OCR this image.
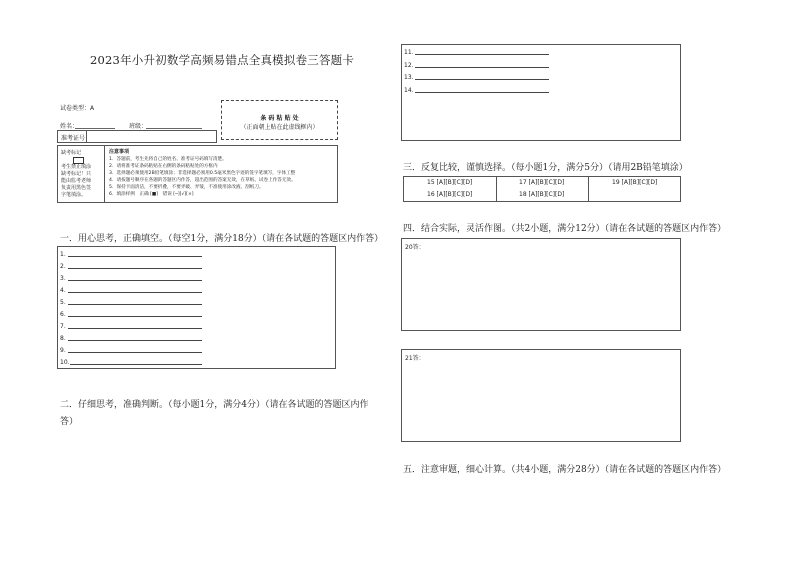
2023年小升初数学高频易错点全真模拟卷三答题卡
试卷类型：A
姓名：	班级：
准考证号
条 码 粘 贴 处
（正面朝上贴在此虚线框内）
缺考标记
考生禁止填涂
缺考标记！只
能由监考老师
负责用黑色签
字笔填涂。
注意事项
1．答题前，考生先将自己的姓名、准考证号码填写清楚。
2．请将准考证条码粘贴在右侧的条码粘贴处的方框内
3．选择题必须使用2B铅笔填涂；非选择题必须用0.5毫米黑色字迹的签字笔填写，字体工整
4．请按题号顺序在各题的答题区内作答，超出范围的答案无效，在草纸、试卷上作答无效。
5．保持卡面清洁，不要折叠，不要弄破、弄皱，不准使用涂改液、刮纸刀。
6．填涂样例　正确 [■]　错误 [─][√][×]
一．用心思考，正确填空。（每空1分，满分18分）（请在各试题的答题区内作答）
1．
2．
3．
4．
5．
6．
7．
8．
9．
10．
二．仔细思考，准确判断。（每小题1分，满分4分）（请在各试题的答题区内作
答）
11．
12．
13．
14．
三．反复比较，谨慎选择。（每小题1分，满分5分）（请用2B铅笔填涂）
15 [A][B][C][D]	17 [A][B][C][D]	19 [A][B][C][D]
16 [A][B][C][D]	18 [A][B][C][D]
四．结合实际，灵活作图。（共2小题，满分12分）（请在各试题的答题区内作答）
20答：
21答：
五．注意审题，细心计算。（共4小题，满分28分）（请在各试题的答题区内作答）
